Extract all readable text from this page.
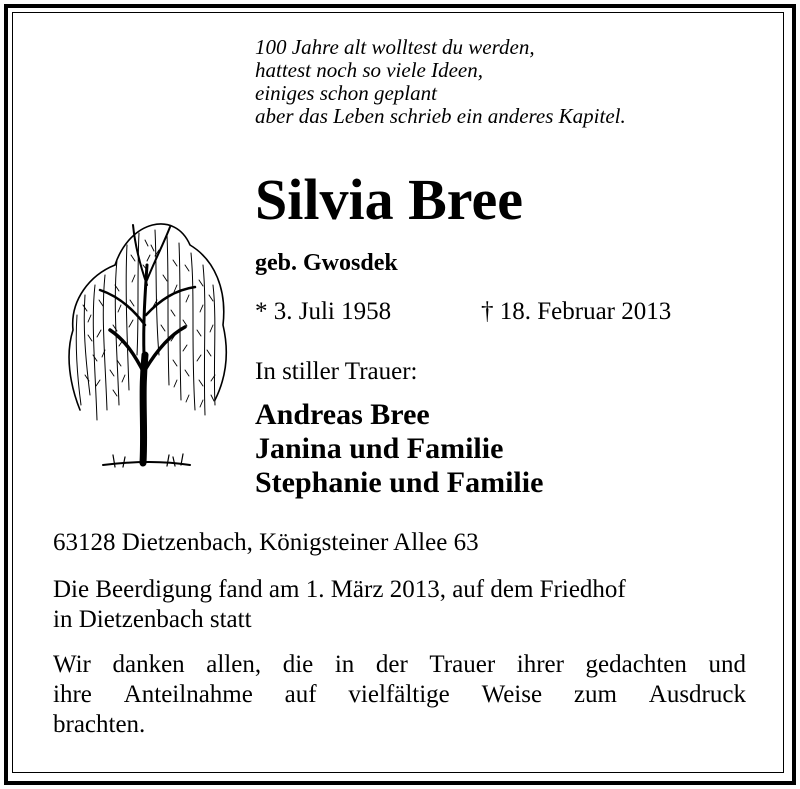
100 Jahre alt wolltest du werden,
hattest noch so viele Ideen,
einiges schon geplant
aber das Leben schrieb ein anderes Kapitel.
Silvia Bree
geb. Gwosdek
* 3. Juli 1958	† 18. Februar 2013
In stiller Trauer:
Andreas Bree
Janina und Familie
Stephanie und Familie
63128 Dietzenbach, Königsteiner Allee 63
Die Beerdigung fand am 1. März 2013, auf dem Friedhof
in Dietzenbach statt
Wir danken allen, die in der Trauer ihrer gedachten und
ihre Anteilnahme auf vielfältige Weise zum Ausdruck
brachten.
